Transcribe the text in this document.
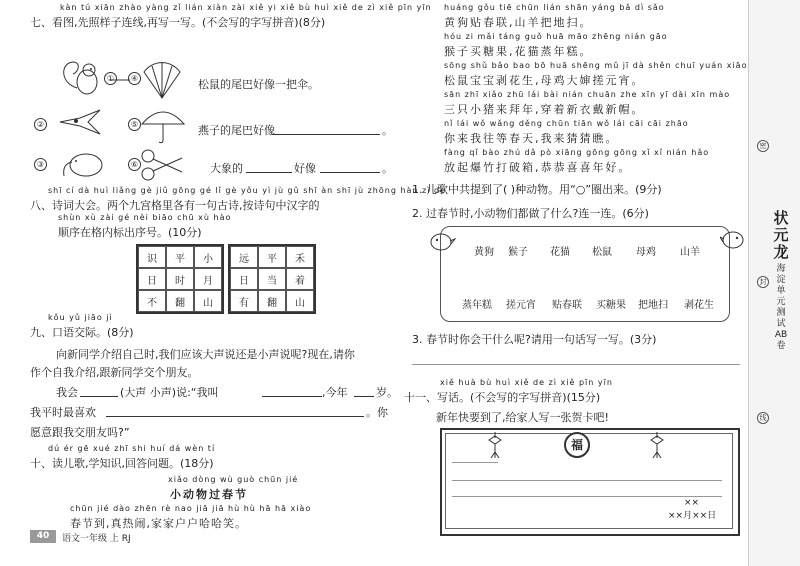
kàn tú xiān zhào yàng zǐ lián xiàn zài xiě yi xiě bù huì xiě de zì xiě pīn yīn
七、看图,先照样子连线,再写一写。(不会写的字写拼音)(8分)
①	④	松鼠的尾巴好像一把伞。
②	⑤	燕子的尾巴好像	。
③	⑥	大象的	好像	。
shī cí dà huì liǎng gè jiǔ gōng gé lǐ gè yǒu yì jù gǔ shī àn shī jù zhōng hàn zì de
八、诗词大会。两个九宫格里各有一句古诗,按诗句中汉字的
shùn xù zài gé nèi biāo chū xù hào
顺序在格内标出序号。(10分)
识	平	小
日	时	月
不	翻	山
远	平	禾
日	当	着
有	翻	山
kǒu yǔ jiāo jì
九、口语交际。(8分)
向新同学介绍自己时,我们应该大声说还是小声说呢?现在,请你
作个自我介绍,跟新同学交个朋友。
我会	(大声 小声)说:“我叫	,今年	岁。
我平时最喜欢	。你
愿意跟我交朋友吗?”
dú ér gē xué zhī shi huí dá wèn tí
十、读儿歌,学知识,回答问题。(18分)
xiǎo dòng wù guò chūn jié
小动物过春节
chūn jié dào zhēn rè nao jiā jiā hù hù hā hā xiào
春节到,真热闹,家家户户哈哈笑。
40	语文一年级 上 RJ
huáng gǒu tiē chūn lián shān yáng bǎ dì sǎo
黄狗贴春联,山羊把地扫。
hóu zi mǎi táng guǒ huā māo zhēng nián gāo
猴子买糖果,花猫蒸年糕。
sōng shǔ bǎo bao bō huā shēng mǔ jī dà shěn chuī yuán xiāo
松鼠宝宝剥花生,母鸡大婶搓元宵。
sān zhī xiǎo zhū lái bài nián chuān zhe xīn yī dài xīn mào
三只小猪来拜年,穿着新衣戴新帽。
nǐ lái wǒ wǎng děng chūn tiān wǒ lái cāi cāi zhāo
你来我往等春天,我来猜猜瞧。
fàng qǐ bào zhú dǎ pò xiāng gōng gōng xǐ xǐ nián hǎo
放起爆竹打破箱,恭恭喜喜年好。
1. 儿歌中共提到了( )种动物。用“○”圈出来。(9分)
2. 过春节时,小动物们都做了什么?连一连。(6分)
黄狗 猴子 花猫 松鼠 母鸡 山羊
蒸年糕 搓元宵 贴春联 买糖果 把地扫 剥花生
3. 春节时你会干什么呢?请用一句话写一写。(3分)
xiě huà bù huì xiě de zì xiě pīn yīn
十一、写话。(不会写的字写拼音)(15分)
新年快要到了,给家人写一张贺卡吧!
福
××
××月××日
密
封
线
状元龙
海淀单元测试AB卷
